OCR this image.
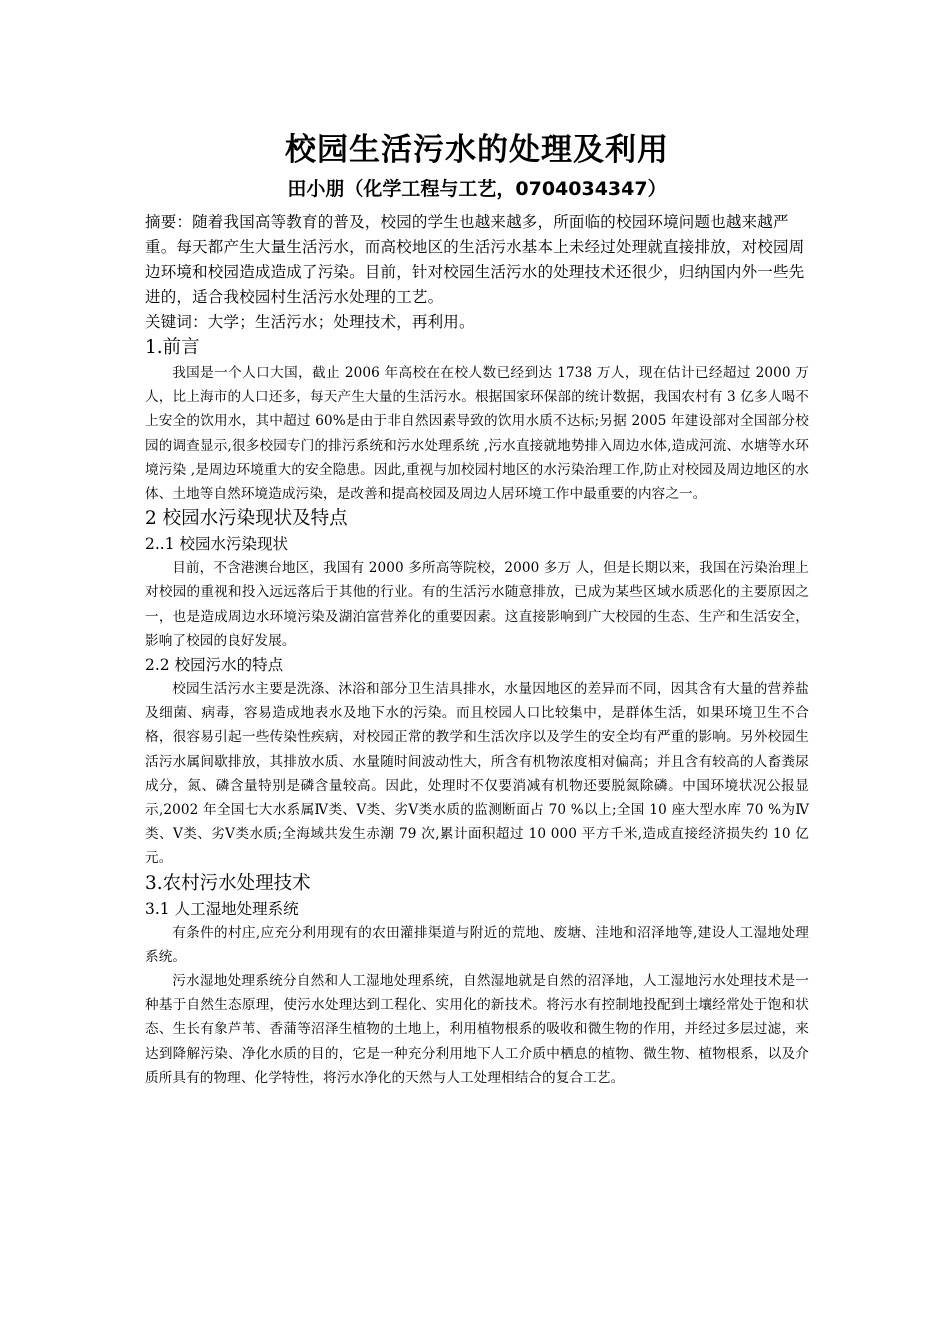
校园生活污水的处理及利用
田小朋（化学工程与工艺，0704034347）

摘要：随着我国高等教育的普及，校园的学生也越来越多，所面临的校园环境问题也越来越严重。每天都产生大量生活污水，而高校地区的生活污水基本上未经过处理就直接排放，对校园周边环境和校园造成造成了污染。目前，针对校园生活污水的处理技术还很少，归纳国内外一些先进的，适合我校园村生活污水处理的工艺。

关键词：大学；生活污水；处理技术，再利用。

1.前言

我国是一个人口大国，截止 2006 年高校在在校人数已经到达 1738 万人，现在估计已经超过 2000 万人，比上海市的人口还多，每天产生大量的生活污水。根据国家环保部的统计数据，我国农村有 3 亿多人喝不上安全的饮用水，其中超过 60%是由于非自然因素导致的饮用水质不达标;另据 2005 年建设部对全国部分校园的调查显示,很多校园专门的排污系统和污水处理系统 ,污水直接就地势排入周边水体,造成河流、水塘等水环境污染 ,是周边环境重大的安全隐患。因此,重视与加校园村地区的水污染治理工作,防止对校园及周边地区的水体、土地等自然环境造成污染，是改善和提高校园及周边人居环境工作中最重要的内容之一。

2 校园水污染现状及特点
2..1 校园水污染现状

目前，不含港澳台地区，我国有 2000 多所高等院校，2000 多万 人，但是长期以来，我国在污染治理上对校园的重视和投入远远落后于其他的行业。有的生活污水随意排放，已成为某些区域水质恶化的主要原因之一，也是造成周边水环境污染及湖泊富营养化的重要因素。这直接影响到广大校园的生态、生产和生活安全，影响了校园的良好发展。

2.2 校园污水的特点

校园生活污水主要是洗涤、沐浴和部分卫生洁具排水，水量因地区的差异而不同，因其含有大量的营养盐及细菌、病毒，容易造成地表水及地下水的污染。而且校园人口比较集中，是群体生活，如果环境卫生不合格，很容易引起一些传染性疾病，对校园正常的教学和生活次序以及学生的安全均有严重的影响。另外校园生活污水属间歇排放，其排放水质、水量随时间波动性大，所含有机物浓度相对偏高；并且含有较高的人畜粪尿成分，氮、磷含量特别是磷含量较高。因此，处理时不仅要消减有机物还要脱氮除磷。中国环境状况公报显示,2002 年全国七大水系属Ⅳ类、Ⅴ类、劣Ⅴ类水质的监测断面占 70 %以上;全国 10 座大型水库 70 %为Ⅳ类、Ⅴ类、劣Ⅴ类水质;全海域共发生赤潮 79 次,累计面积超过 10 000 平方千米,造成直接经济损失约 10 亿元。

3.农村污水处理技术
3.1 人工湿地处理系统

有条件的村庄,应充分利用现有的农田灌排渠道与附近的荒地、废塘、洼地和沼泽地等,建设人工湿地处理系统。

污水湿地处理系统分自然和人工湿地处理系统，自然湿地就是自然的沼泽地，人工湿地污水处理技术是一种基于自然生态原理，使污水处理达到工程化、实用化的新技术。将污水有控制地投配到土壤经常处于饱和状态、生长有象芦苇、香蒲等沼泽生植物的土地上，利用植物根系的吸收和微生物的作用，并经过多层过滤，来达到降解污染、净化水质的目的，它是一种充分利用地下人工介质中栖息的植物、微生物、植物根系，以及介质所具有的物理、化学特性，将污水净化的天然与人工处理相结合的复合工艺。
